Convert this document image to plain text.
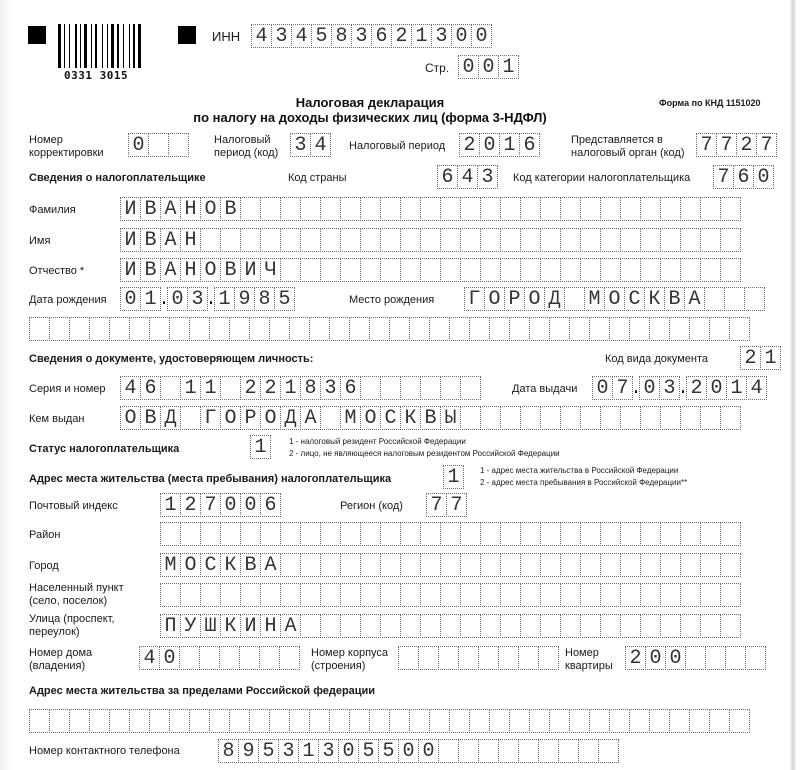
0331 3015
ИНН 4 3 4 5 8 3 6 2 1 3 0 0
Стр. 0 0 1
Форма по КНД 1151020
Налоговая декларация
по налогу на доходы физических лиц (форма 3-НДФЛ)
Номер
корректировки 0	Налоговый
период (код) 3 4	Налоговый период 2 0 1 6	Представляется в
налоговый орган (код) 7 7 2 7
Сведения о налогоплательщике	Код страны	6 4 3	Код категории налогоплательщика 7 6 0
Фамилия И В А Н О В
Имя	И В А Н
Отчество * И В А Н О В И Ч
Дата рождения 0 1 . 0 3 . 1 9 8 5	Место рождения Г О Р О Д М О С К В А
Сведения о документе, удостоверяющем личность:	Код вида документа 2 1
Серия и номер 4 6 1 1 2 2 1 8 3 6	Дата выдачи 0 7 . 0 3 . 2 0 1 4
Кем выдан О В Д Г О Р О Д А М О С К В Ы
Статус налогоплательщика	1	1 - налоговый резидент Российской Федерации
2 - лицо, не являющееся налоговым резидентом Российской Федерации
Адрес места жительства (места пребывания) налогоплательщика	1	1 - адрес места жительства в Российской Федерации
2 - адрес места пребывания в Российской Федерации**
Почтовый индекс 1 2 7 0 0 6	Регион (код) 7 7
Район
Город	М О С К В А
Населенный пункт
(село, поселок)
Улица (проспект,
переулок)	П У Ш К И Н А
Номер дома
(владения)	4 0	Номер корпуса
(строения)
Номер
квартиры 2 0 0
Адрес места жительства за пределами Российской федерации
Номер контактного телефона 8 9 5 3 1 3 0 5 5 0 0
